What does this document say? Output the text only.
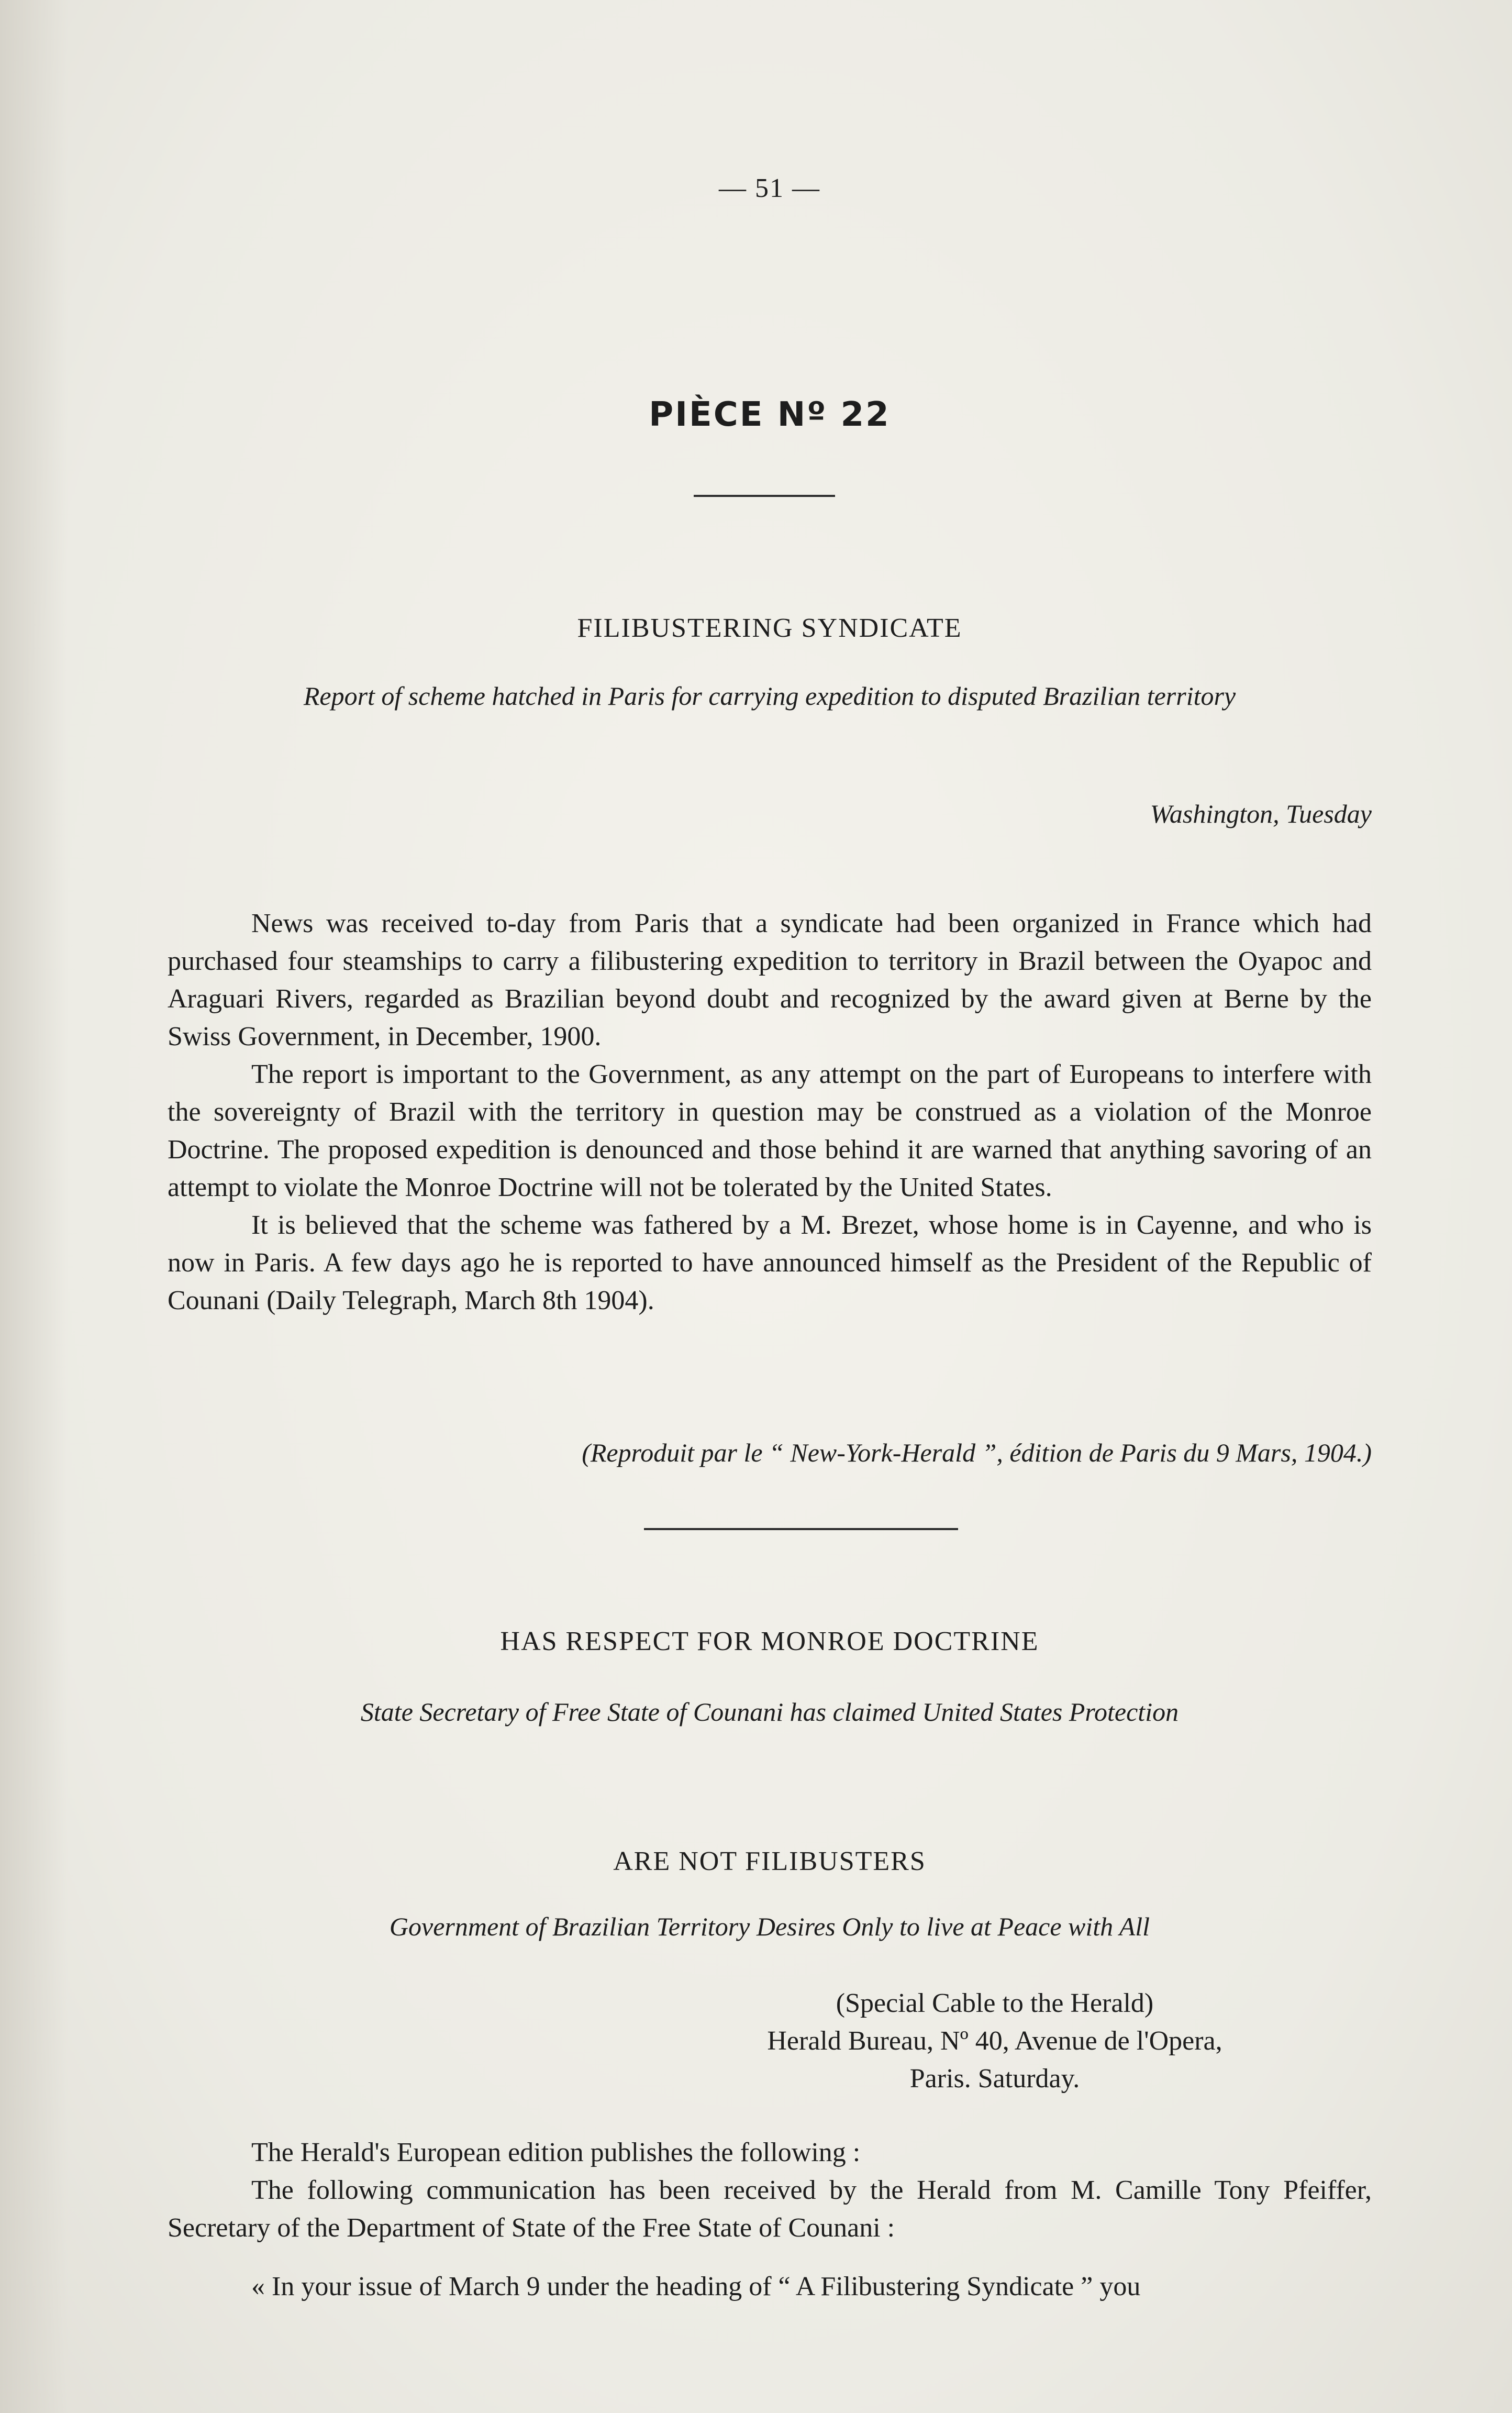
— 51 —
PIÈCE Nº 22
FILIBUSTERING SYNDICATE
Report of scheme hatched in Paris for carrying expedition to disputed Brazilian territory
Washington, Tuesday

News was received to-day from Paris that a syndicate had been organized in France which had purchased four steamships to carry a filibustering expedition to territory in Brazil between the Oyapoc and Araguari Rivers, regarded as Brazilian beyond doubt and recognized by the award given at Berne by the Swiss Government, in December, 1900.

The report is important to the Government, as any attempt on the part of Europeans to interfere with the sovereignty of Brazil with the territory in question may be construed as a violation of the Monroe Doctrine. The proposed expedition is denounced and those behind it are warned that anything savoring of an attempt to violate the Monroe Doctrine will not be tolerated by the United States.

It is believed that the scheme was fathered by a M. Brezet, whose home is in Cayenne, and who is now in Paris. A few days ago he is reported to have announced himself as the President of the Republic of Counani (Daily Telegraph, March 8th 1904).

(Reproduit par le “ New-York-Herald ”, édition de Paris du 9 Mars, 1904.)
HAS RESPECT FOR MONROE DOCTRINE
State Secretary of Free State of Counani has claimed United States Protection
ARE NOT FILIBUSTERS
Government of Brazilian Territory Desires Only to live at Peace with All
(Special Cable to the Herald)
Herald Bureau, Nº 40, Avenue de l'Opera,
Paris. Saturday.

The Herald's European edition publishes the following :

The following communication has been received by the Herald from M. Camille Tony Pfeiffer, Secretary of the Department of State of the Free State of Counani :

« In your issue of March 9 under the heading of “ A Filibustering Syndicate ” you
